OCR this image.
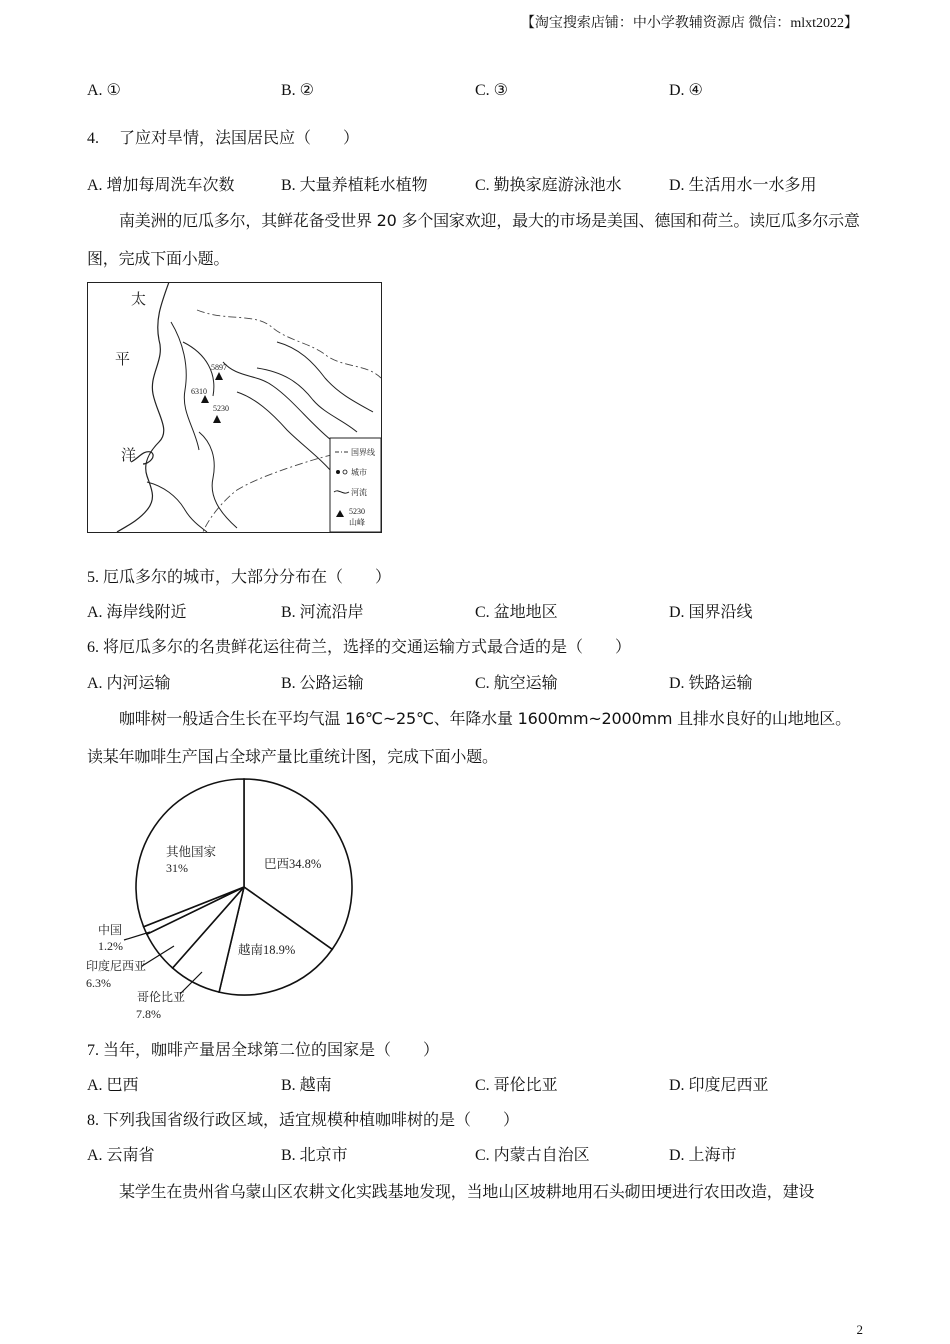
【淘宝搜索店铺：中小学教辅资源店 微信：mlxt2022】
A. ①	B. ②	C. ③	D. ④
4.　 了应对旱情，法国居民应（　　）
A. 增加每周洗车次数	B. 大量养植耗水植物	C. 勤换家庭游泳池水	D. 生活用水一水多用
南美洲的厄瓜多尔，其鲜花备受世界 20 多个国家欢迎，最大的市场是美国、德国和荷兰。读厄瓜多尔示意图，完成下面小题。
太
平
洋
5897
6310
5230
国界线
城市
河流
5230
山峰
5. 厄瓜多尔的城市，大部分分布在（　　）
A. 海岸线附近	B. 河流沿岸	C. 盆地地区	D. 国界沿线
6. 将厄瓜多尔的名贵鲜花运往荷兰，选择的交通运输方式最合适的是（　　）
A. 内河运输	B. 公路运输	C. 航空运输	D. 铁路运输
咖啡树一般适合生长在平均气温 16℃~25℃、年降水量 1600mm~2000mm 且排水良好的山地地区。读某年咖啡生产国占全球产量比重统计图，完成下面小题。
巴西34.8%
越南18.9%
其他国家
31%
中国
1.2%
印度尼西亚
6.3%
哥伦比亚
7.8%
7. 当年，咖啡产量居全球第二位的国家是（　　）
A. 巴西	B. 越南	C. 哥伦比亚	D. 印度尼西亚
8. 下列我国省级行政区域，适宜规模种植咖啡树的是（　　）
A. 云南省	B. 北京市	C. 内蒙古自治区	D. 上海市
某学生在贵州省乌蒙山区农耕文化实践基地发现，当地山区坡耕地用石头砌田埂进行农田改造，建设
2
